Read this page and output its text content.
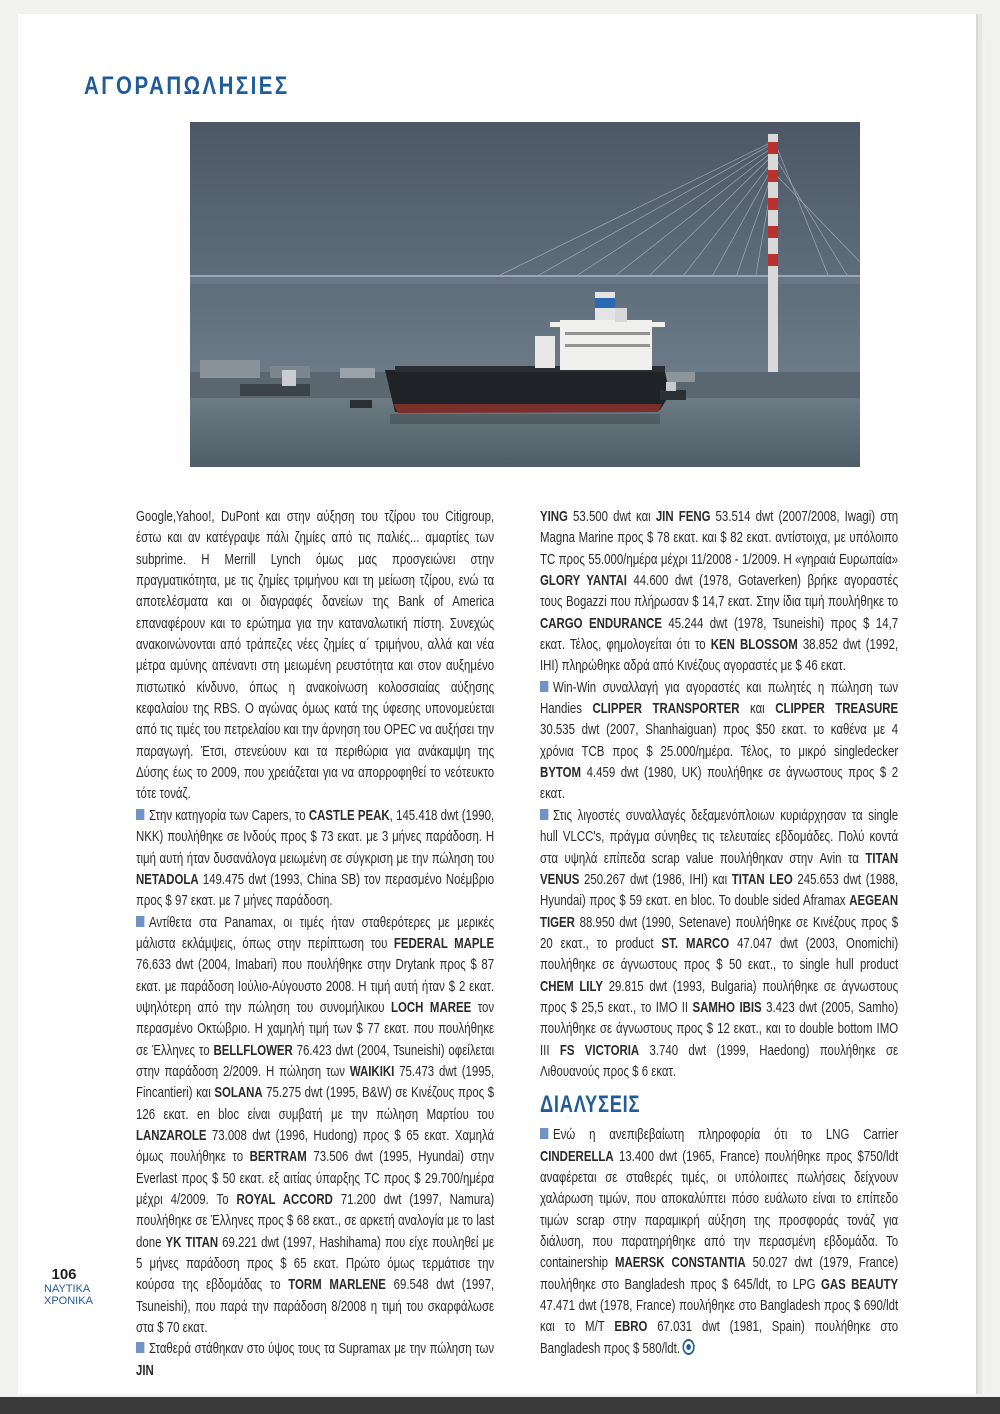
ΑΓΟΡΑΠΩΛΗΣΙΕΣ

Google,Yahoo!, DuPont και στην αύξηση του τζίρου του Citigroup, έστω και αν κατέγραψε πάλι ζημίες από τις παλιές... αμαρτίες των subprime. Η Merrill Lynch όμως μας προσγειώνει στην πραγματικότητα, με τις ζημίες τριμήνου και τη μείωση τζίρου, ενώ τα αποτελέσματα και οι διαγραφές δανείων της Bank of America επαναφέρουν και το ερώτημα για την καταναλωτική πίστη. Συνεχώς ανακοινώνονται από τράπεζες νέες ζημίες α΄ τριμήνου, αλλά και νέα μέτρα αμύνης απέναντι στη μειωμένη ρευστότητα και στον αυξημένο πιστωτικό κίνδυνο, όπως η ανακοίνωση κολοσσιαίας αύξησης κεφαλαίου της RBS. Ο αγώνας όμως κατά της ύφεσης υπονομεύεται από τις τιμές του πετρελαίου και την άρνηση του OPEC να αυξήσει την παραγωγή. Έτσι, στενεύουν και τα περιθώρια για ανάκαμψη της Δύσης έως το 2009, που χρειάζεται για να απορροφηθεί το νεότευκτο τότε τονάζ.

Στην κατηγορία των Capers, το CASTLE PEAK, 145.418 dwt (1990, NKK) πουλήθηκε σε Ινδούς προς $ 73 εκατ. με 3 μήνες παράδοση. Η τιμή αυτή ήταν δυσανάλογα μειωμένη σε σύγκριση με την πώληση του NETADOLA 149.475 dwt (1993, China SB) τον περασμένο Νοέμβριο προς $ 97 εκατ. με 7 μήνες παράδοση.

Αντίθετα στα Panamax, οι τιμές ήταν σταθερότερες με μερικές μάλιστα εκλάμψεις, όπως στην περίπτωση του FEDERAL MAPLE 76.633 dwt (2004, Imabari) που πουλήθηκε στην Drytank προς $ 87 εκατ. με παράδοση Ιούλιο-Αύγουστο 2008. Η τιμή αυτή ήταν $ 2 εκατ. υψηλότερη από την πώληση του συνομήλικου LOCH MAREE τον περασμένο Οκτώβριο. Η χαμηλή τιμή των $ 77 εκατ. που πουλήθηκε σε Έλληνες το BELLFLOWER 76.423 dwt (2004, Tsuneishi) οφείλεται στην παράδοση 2/2009. Η πώληση των WAIKIKI 75.473 dwt (1995, Fincantieri) και SOLANA 75.275 dwt (1995, B&W) σε Κινέζους προς $ 126 εκατ. en bloc είναι συμβατή με την πώληση Μαρτίου του LANZAROLE 73.008 dwt (1996, Hudong) προς $ 65 εκατ. Χαμηλά όμως πουλήθηκε το BERTRAM 73.506 dwt (1995, Hyundai) στην Everlast προς $ 50 εκατ. εξ αιτίας ύπαρξης TC προς $ 29.700/ημέρα μέχρι 4/2009. Το ROYAL ACCORD 71.200 dwt (1997, Namura) πουλήθηκε σε Έλληνες προς $ 68 εκατ., σε αρκετή αναλογία με το last done YK TITAN 69.221 dwt (1997, Hashihama) που είχε πουληθεί με 5 μήνες παράδοση προς $ 65 εκατ. Πρώτο όμως τερμάτισε την κούρσα της εβδομάδας το TORM MARLENE 69.548 dwt (1997, Tsuneishi), που παρά την παράδοση 8/2008 η τιμή του σκαρφάλωσε στα $ 70 εκατ.

Σταθερά στάθηκαν στο ύψος τους τα Supramax με την πώληση των JIN

YING 53.500 dwt και JIN FENG 53.514 dwt (2007/2008, Iwagi) στη Magna Marine προς $ 78 εκατ. και $ 82 εκατ. αντίστοιχα, με υπόλοιπο TC προς 55.000/ημέρα μέχρι 11/2008 - 1/2009. Η «γηραιά Ευρωπαία» GLORY YANTAI 44.600 dwt (1978, Gotaverken) βρήκε αγοραστές τους Bogazzi που πλήρωσαν $ 14,7 εκατ. Στην ίδια τιμή πουλήθηκε το CARGO ENDURANCE 45.244 dwt (1978, Tsuneishi) προς $ 14,7 εκατ. Τέλος, φημολογείται ότι το KEN BLOSSOM 38.852 dwt (1992, IHI) πληρώθηκε αδρά από Κινέζους αγοραστές με $ 46 εκατ.

Win-Win συναλλαγή για αγοραστές και πωλητές η πώληση των Handies CLIPPER TRANSPORTER και CLIPPER TREASURE 30.535 dwt (2007, Shanhaiguan) προς $50 εκατ. το καθένα με 4 χρόνια TCB προς $ 25.000/ημέρα. Τέλος, το μικρό singledecker BYTOM 4.459 dwt (1980, UK) πουλήθηκε σε άγνωστους προς $ 2 εκατ.

Στις λιγοστές συναλλαγές δεξαμενόπλοιων κυριάρχησαν τα single hull VLCC's, πράγμα σύνηθες τις τελευταίες εβδομάδες. Πολύ κοντά στα υψηλά επίπεδα scrap value πουλήθηκαν στην Avin τα TITAN VENUS 250.267 dwt (1986, IHI) και TITAN LEO 245.653 dwt (1988, Hyundai) προς $ 59 εκατ. en bloc. Το double sided Aframax AEGEAN TIGER 88.950 dwt (1990, Setenave) πουλήθηκε σε Κινέζους προς $ 20 εκατ., το product ST. MARCO 47.047 dwt (2003, Onomichi) πουλήθηκε σε άγνωστους προς $ 50 εκατ., το single hull product CHEM LILY 29.815 dwt (1993, Bulgaria) πουλήθηκε σε άγνωστους προς $ 25,5 εκατ., το IMO II SAMHO IBIS 3.423 dwt (2005, Samho) πουλήθηκε σε άγνωστους προς $ 12 εκατ., και το double bottom IMO III FS VICTORIA 3.740 dwt (1999, Haedong) πουλήθηκε σε Λιθουανούς προς $ 6 εκατ.

ΔΙΑΛΥΣΕΙΣ

Ενώ η ανεπιβεβαίωτη πληροφορία ότι το LNG Carrier CINDERELLA 13.400 dwt (1965, France) πουλήθηκε προς $750/ldt αναφέρεται σε σταθερές τιμές, οι υπόλοιπες πωλήσεις δείχνουν χαλάρωση τιμών, που αποκαλύπτει πόσο ευάλωτο είναι το επίπεδο τιμών scrap στην παραμικρή αύξηση της προσφοράς τονάζ για διάλυση, που παρατηρήθηκε από την περασμένη εβδομάδα. Το containership MAERSK CONSTANTIA 50.027 dwt (1979, France) πουλήθηκε στο Bangladesh προς $ 645/ldt, το LPG GAS BEAUTY 47.471 dwt (1978, France) πουλήθηκε στο Bangladesh προς $ 690/ldt και το M/T EBRO 67.031 dwt (1981, Spain) πουλήθηκε στο Bangladesh προς $ 580/ldt.

106
ΝΑΥΤΙΚΑ
ΧΡΟΝΙΚΑ
